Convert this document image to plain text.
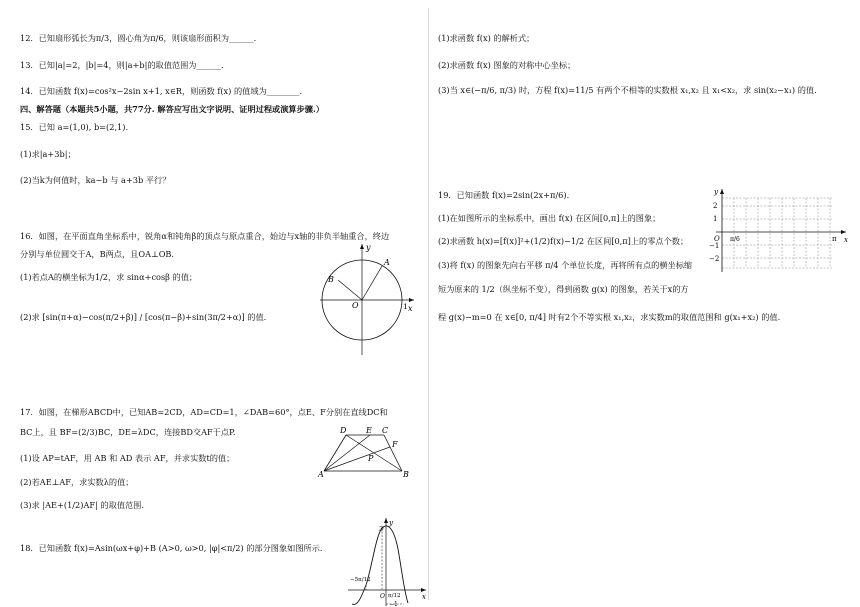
12．已知扇形弧长为π/3，圆心角为π/6，则该扇形面积为______.
13．已知|a|=2，|b|=4，则|a+b|的取值范围为______.
14．已知函数 f(x)=cos²x−2sin x+1, x∈R，则函数 f(x) 的值域为________.
四、解答题（本题共5小题，共77分. 解答应写出文字说明、证明过程或演算步骤.）
15．已知 a=(1,0), b=(2,1).
(1)求|a+3b|；
(2)当k为何值时，ka−b 与 a+3b 平行？
16．如图，在平面直角坐标系中，锐角α和钝角β的顶点与原点重合，始边与x轴的非负半轴重合，终边
分别与单位圆交于A，B两点，且OA⊥OB.
(1)若点A的横坐标为1/2，求 sinα+cosβ 的值；
(2)求 [sin(π+α)−cos(π/2+β)] / [cos(π−β)+sin(3π/2+α)] 的值.
A
B
O	1 x
y
17．如图，在梯形ABCD中，已知AB=2CD，AD=CD=1，∠DAB=60°，点E、F分别在直线DC和
BC上，且 BF=(2/3)BC，DE=λDC，连接BD交AF于点P.
(1)设 AP=tAF，用 AB 和 AD 表示 AF，并求实数t的值；
(2)若AE⊥AF，求实数λ的值；
(3)求 |AE+(1/2)AF| 的取值范围.
A	B
C
D E
F
P
18．已知函数 f(x)=Asin(ωx+φ)+B (A>0, ω>0, |φ|<π/2) 的部分图象如图所示.
y
x
3
O
−5π/12
π/12
−1
(1)求函数 f(x) 的解析式；
(2)求函数 f(x) 图象的对称中心坐标；
(3)当 x∈(−π/6, π/3) 时，方程 f(x)=11/5 有两个不相等的实数根 x₁,x₂ 且 x₁<x₂，求 sin(x₂−x₁) 的值.
19．已知函数 f(x)=2sin(2x+π/6).
(1)在如图所示的坐标系中，画出 f(x) 在区间[0,π]上的图象；
(2)求函数 h(x)=[f(x)]²+(1/2)f(x)−1/2 在区间[0,π]上的零点个数；
(3)将 f(x) 的图象先向右平移 π/4 个单位长度，再将所有点的横坐标缩
短为原来的 1/2（纵坐标不变），得到函数 g(x) 的图象，若关于x的方
程 g(x)−m=0 在 x∈[0, π/4] 时有2个不等实根 x₁,x₂，求实数m的取值范围和 g(x₁+x₂) 的值.
y
x
O π/6	π
2
1
−1
−2
